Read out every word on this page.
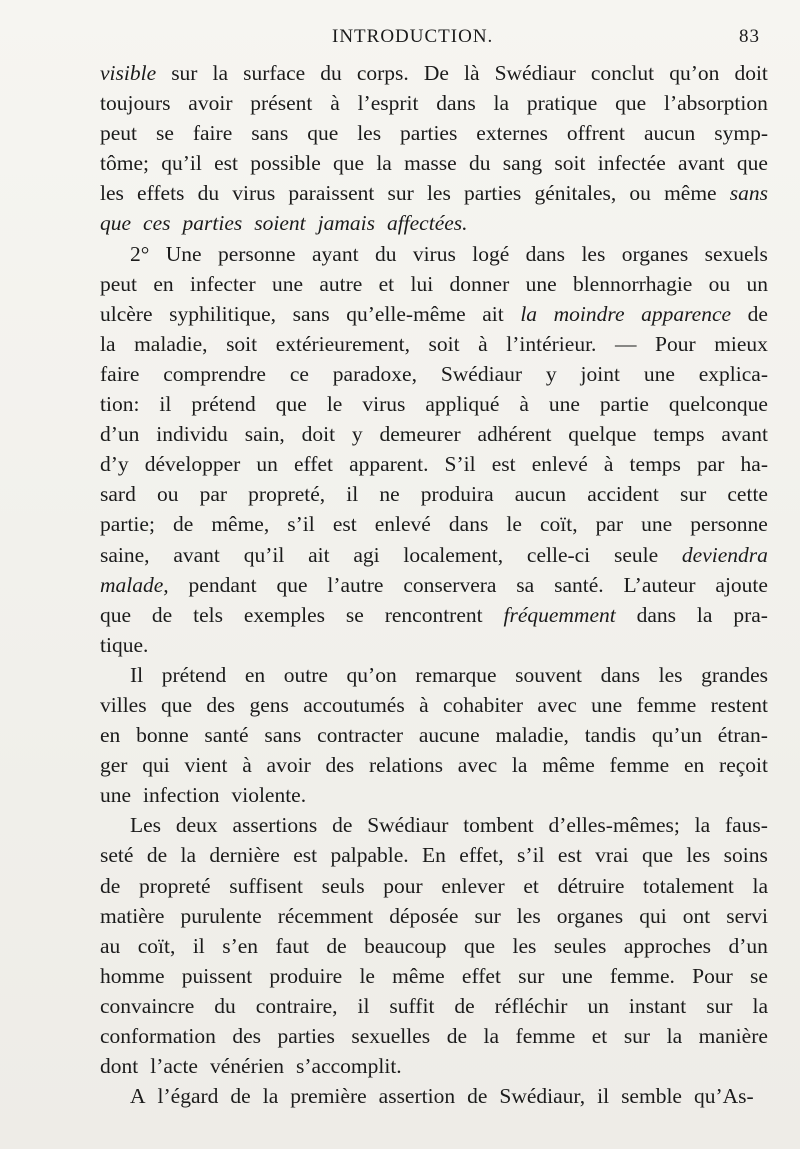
INTRODUCTION.	83
visible sur la surface du corps. De là Swédiaur conclut qu’on doit
toujours avoir présent à l’esprit dans la pratique que l’absorption
peut se faire sans que les parties externes offrent aucun symp-
tôme; qu’il est possible que la masse du sang soit infectée avant que
les effets du virus paraissent sur les parties génitales, ou même sans
que ces parties soient jamais affectées.
2° Une personne ayant du virus logé dans les organes sexuels
peut en infecter une autre et lui donner une blennorrhagie ou un
ulcère syphilitique, sans qu’elle-même ait la moindre apparence de
la maladie, soit extérieurement, soit à l’intérieur. — Pour mieux
faire comprendre ce paradoxe, Swédiaur y joint une explica-
tion: il prétend que le virus appliqué à une partie quelconque
d’un individu sain, doit y demeurer adhérent quelque temps avant
d’y développer un effet apparent. S’il est enlevé à temps par ha-
sard ou par propreté, il ne produira aucun accident sur cette
partie; de même, s’il est enlevé dans le coït, par une personne
saine, avant qu’il ait agi localement, celle-ci seule deviendra
malade, pendant que l’autre conservera sa santé. L’auteur ajoute
que de tels exemples se rencontrent fréquemment dans la pra-
tique.
Il prétend en outre qu’on remarque souvent dans les grandes
villes que des gens accoutumés à cohabiter avec une femme restent
en bonne santé sans contracter aucune maladie, tandis qu’un étran-
ger qui vient à avoir des relations avec la même femme en reçoit
une infection violente.
Les deux assertions de Swédiaur tombent d’elles-mêmes; la faus-
seté de la dernière est palpable. En effet, s’il est vrai que les soins
de propreté suffisent seuls pour enlever et détruire totalement la
matière purulente récemment déposée sur les organes qui ont servi
au coït, il s’en faut de beaucoup que les seules approches d’un
homme puissent produire le même effet sur une femme. Pour se
convaincre du contraire, il suffit de réfléchir un instant sur la
conformation des parties sexuelles de la femme et sur la manière
dont l’acte vénérien s’accomplit.
A l’égard de la première assertion de Swédiaur, il semble qu’As-
